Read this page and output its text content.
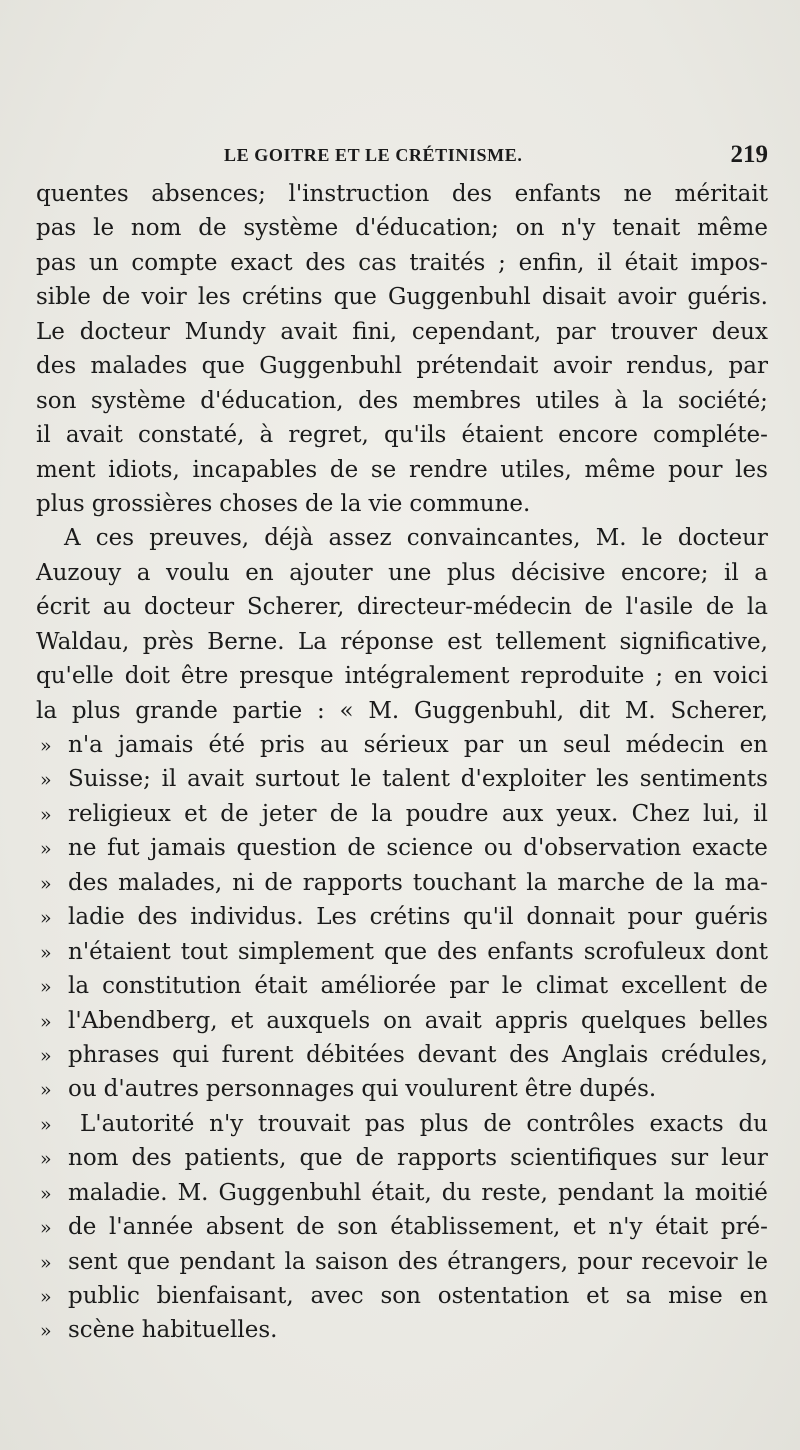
LE GOITRE ET LE CRÉTINISME.	219
quentes absences; l'instruction des enfants ne méritait
pas le nom de système d'éducation; on n'y tenait même
pas un compte exact des cas traités ; enfin, il était impos-
sible de voir les crétins que Guggenbuhl disait avoir guéris.
Le docteur Mundy avait fini, cependant, par trouver deux
des malades que Guggenbuhl prétendait avoir rendus, par
son système d'éducation, des membres utiles à la société;
il avait constaté, à regret, qu'ils étaient encore compléte-
ment idiots, incapables de se rendre utiles, même pour les
plus grossières choses de la vie commune.
A ces preuves, déjà assez convaincantes, M. le docteur
Auzouy a voulu en ajouter une plus décisive encore; il a
écrit au docteur Scherer, directeur-médecin de l'asile de la
Waldau, près Berne. La réponse est tellement significative,
qu'elle doit être presque intégralement reproduite ; en voici
la plus grande partie : « M. Guggenbuhl, dit M. Scherer,
» n'a jamais été pris au sérieux par un seul médecin en
» Suisse; il avait surtout le talent d'exploiter les sentiments
» religieux et de jeter de la poudre aux yeux. Chez lui, il
» ne fut jamais question de science ou d'observation exacte
» des malades, ni de rapports touchant la marche de la ma-
» ladie des individus. Les crétins qu'il donnait pour guéris
» n'étaient tout simplement que des enfants scrofuleux dont
» la constitution était améliorée par le climat excellent de
» l'Abendberg, et auxquels on avait appris quelques belles
» phrases qui furent débitées devant des Anglais crédules,
» ou d'autres personnages qui voulurent être dupés.
»	L'autorité n'y trouvait pas plus de contrôles exacts du
» nom des patients, que de rapports scientifiques sur leur
» maladie. M. Guggenbuhl était, du reste, pendant la moitié
» de l'année absent de son établissement, et n'y était pré-
» sent que pendant la saison des étrangers, pour recevoir le
» public bienfaisant, avec son ostentation et sa mise en
» scène habituelles.
